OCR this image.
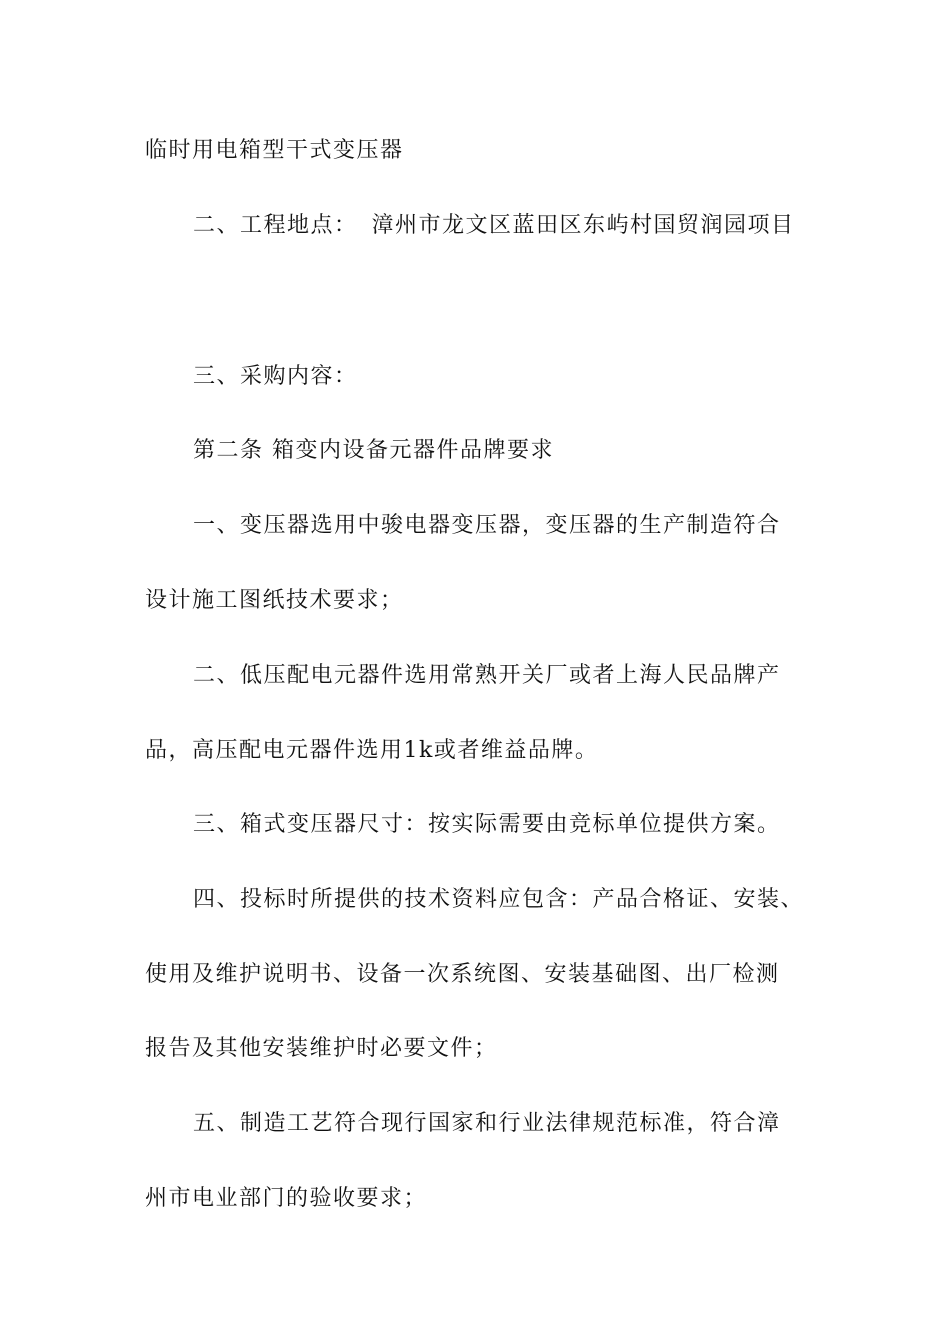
临时用电箱型干式变压器
二、工程地点： 漳州市龙文区蓝田区东屿村国贸润园项目
三、采购内容：
第二条 箱变内设备元器件品牌要求
一、变压器选用中骏电器变压器，变压器的生产制造符合
设计施工图纸技术要求；
二、低压配电元器件选用常熟开关厂或者上海人民品牌产
品，高压配电元器件选用1k或者维益品牌。
三、箱式变压器尺寸：按实际需要由竞标单位提供方案。
四、投标时所提供的技术资料应包含：产品合格证、安装、
使用及维护说明书、设备一次系统图、安装基础图、出厂检测
报告及其他安装维护时必要文件；
五、制造工艺符合现行国家和行业法律规范标准，符合漳
州市电业部门的验收要求；
